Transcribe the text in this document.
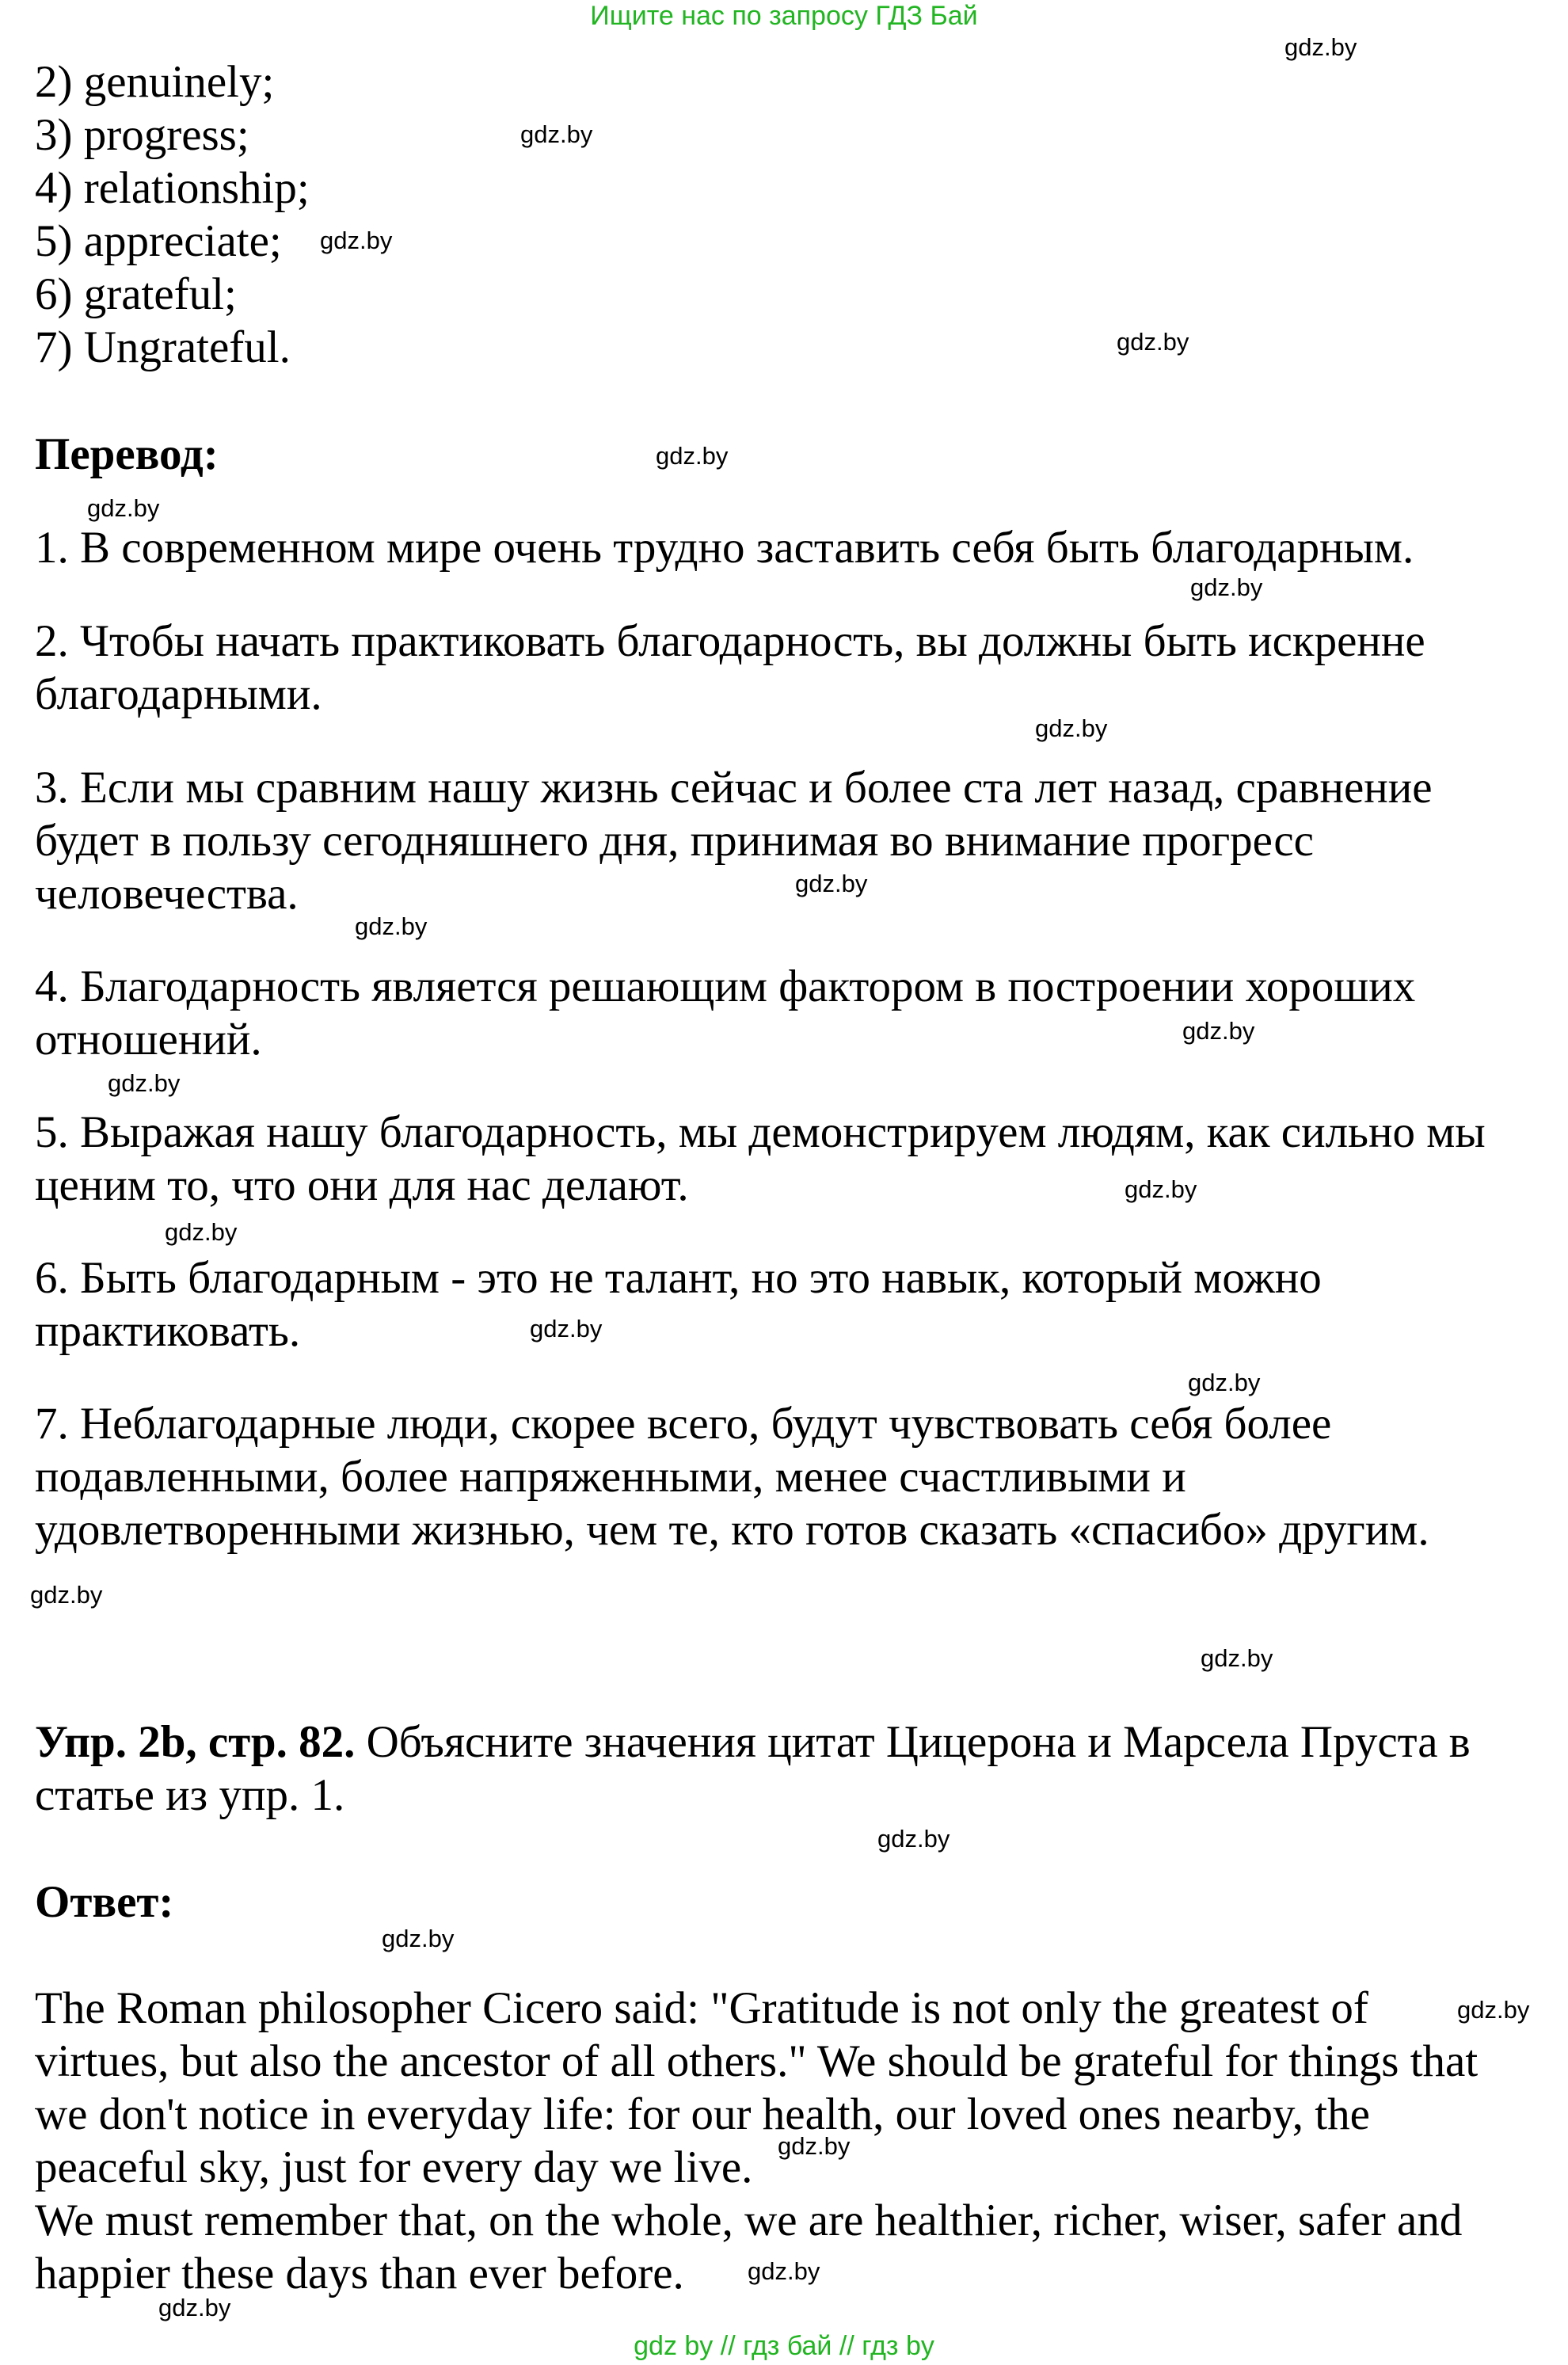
Ищите нас по запросу ГДЗ Бай
2) genuinely;
3) progress;
4) relationship;
5) appreciate;
6) grateful;
7) Ungrateful.
Перевод:

1. В современном мире очень трудно заставить себя быть благодарным.

2. Чтобы начать практиковать благодарность, вы должны быть искренне благодарными.

3. Если мы сравним нашу жизнь сейчас и более ста лет назад, сравнение будет в пользу сегодняшнего дня, принимая во внимание прогресс человечества.

4. Благодарность является решающим фактором в построении хороших отношений.

5. Выражая нашу благодарность, мы демонстрируем людям, как сильно мы ценим то, что они для нас делают.

6. Быть благодарным - это не талант, но это навык, который можно практиковать.

7. Неблагодарные люди, скорее всего, будут чувствовать себя более подавленными, более напряженными, менее счастливыми и удовлетворенными жизнью, чем те, кто готов сказать «спасибо» другим.

Упр. 2b, стр. 82. Объясните значения цитат Цицерона и Марсела Пруста в статье из упр. 1.

Ответ:

The Roman philosopher Cicero said: "Gratitude is not only the greatest of virtues, but also the ancestor of all others." We should be grateful for things that we don't notice in everyday life: for our health, our loved ones nearby, the peaceful sky, just for every day we live.

We must remember that, on the whole, we are healthier, richer, wiser, safer and happier these days than ever before.

gdz.by
gdz.by
gdz.by
gdz.by
gdz.by
gdz.by
gdz.by
gdz.by
gdz.by
gdz.by
gdz.by
gdz.by
gdz.by
gdz.by
gdz.by
gdz.by
gdz.by
gdz.by
gdz.by
gdz.by
gdz.by
gdz.by
gdz.by
gdz.by
gdz by // гдз бай // гдз by
